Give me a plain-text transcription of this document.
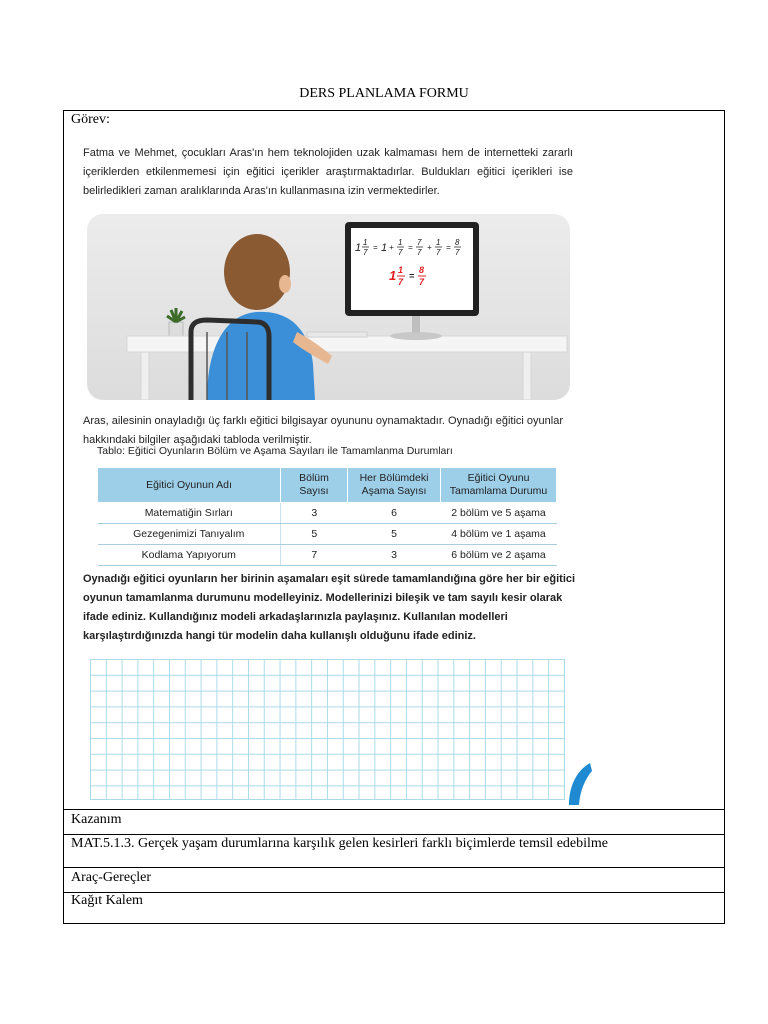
DERS PLANLAMA FORMU
Görev:
Fatma ve Mehmet, çocukları Aras'ın hem teknolojiden uzak kalmaması hem de internetteki zararlı içeriklerden etkilenmemesi için eğitici içerikler araştırmaktadırlar. Buldukları eğitici içerikleri ise belirledikleri zaman aralıklarında Aras'ın kullanmasına izin vermektedirler.
1 1
7
= 1 +
1
7
=
7
7
+
1
7
=
8
7
1 1
7
=
8
7
Aras, ailesinin onayladığı üç farklı eğitici bilgisayar oyununu oynamaktadır. Oynadığı eğitici oyunlar hakkındaki bilgiler aşağıdaki tabloda verilmiştir.
Tablo: Eğitici Oyunların Bölüm ve Aşama Sayıları ile Tamamlanma Durumları
Eğitici Oyunun Adı	Bölüm Sayısı	Her Bölümdeki Aşama Sayısı	Eğitici Oyunu Tamamlama Durumu
Matematiğin Sırları	3	6	2 bölüm ve 5 aşama
Gezegenimizi Tanıyalım	5	5	4 bölüm ve 1 aşama
Kodlama Yapıyorum	7	3	6 bölüm ve 2 aşama
Oynadığı eğitici oyunların her birinin aşamaları eşit sürede tamamlandığına göre her bir eğitici oyunun tamamlanma durumunu modelleyiniz. Modellerinizi bileşik ve tam sayılı kesir olarak ifade ediniz. Kullandığınız modeli arkadaşlarınızla paylaşınız. Kullanılan modelleri karşılaştırdığınızda hangi tür modelin daha kullanışlı olduğunu ifade ediniz.
Kazanım
MAT.5.1.3. Gerçek yaşam durumlarına karşılık gelen kesirleri farklı biçimlerde temsil edebilme
Araç-Gereçler
Kağıt Kalem
